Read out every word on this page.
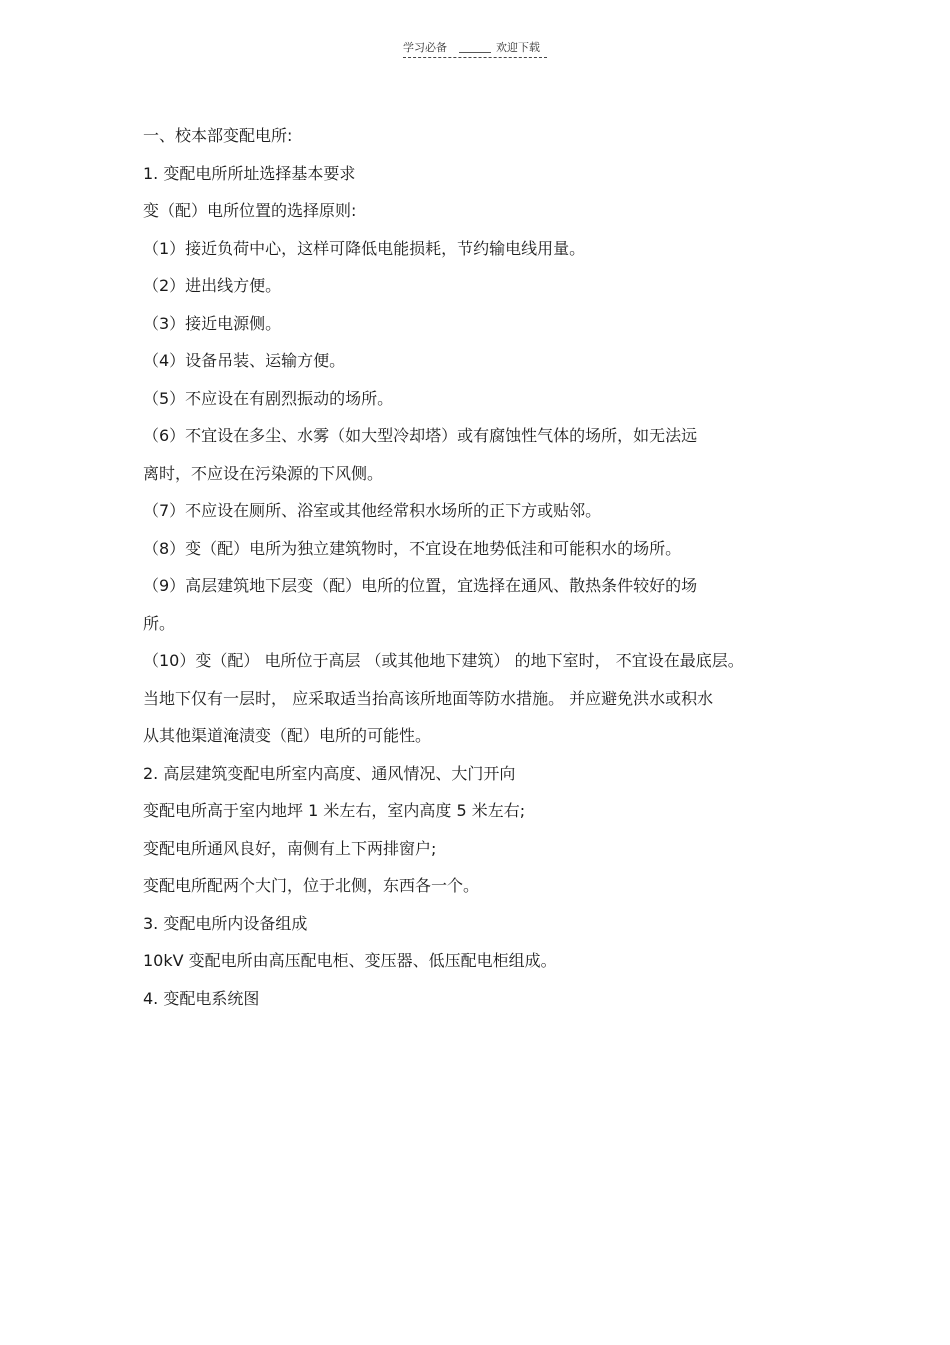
学习必备	欢迎下载
一、校本部变配电所:
1. 变配电所所址选择基本要求
变（配）电所位置的选择原则:
（1）接近负荷中心，这样可降低电能损耗，节约输电线用量。
（2）进出线方便。
（3）接近电源侧。
（4）设备吊装、运输方便。
（5）不应设在有剧烈振动的场所。
（6）不宜设在多尘、水雾（如大型冷却塔）或有腐蚀性气体的场所，如无法远
离时，不应设在污染源的下风侧。
（7）不应设在厕所、浴室或其他经常积水场所的正下方或贴邻。
（8）变（配）电所为独立建筑物时，不宜设在地势低洼和可能积水的场所。
（9）高层建筑地下层变（配）电所的位置，宜选择在通风、散热条件较好的场
所。
（10）变（配） 电所位于高层 （或其他地下建筑） 的地下室时， 不宜设在最底层。
当地下仅有一层时， 应采取适当抬高该所地面等防水措施。 并应避免洪水或积水
从其他渠道淹渍变（配）电所的可能性。
2. 高层建筑变配电所室内高度、通风情况、大门开向
变配电所高于室内地坪 1 米左右，室内高度 5 米左右;
变配电所通风良好，南侧有上下两排窗户;
变配电所配两个大门，位于北侧，东西各一个。
3. 变配电所内设备组成
10kV 变配电所由高压配电柜、变压器、低压配电柜组成。
4. 变配电系统图
